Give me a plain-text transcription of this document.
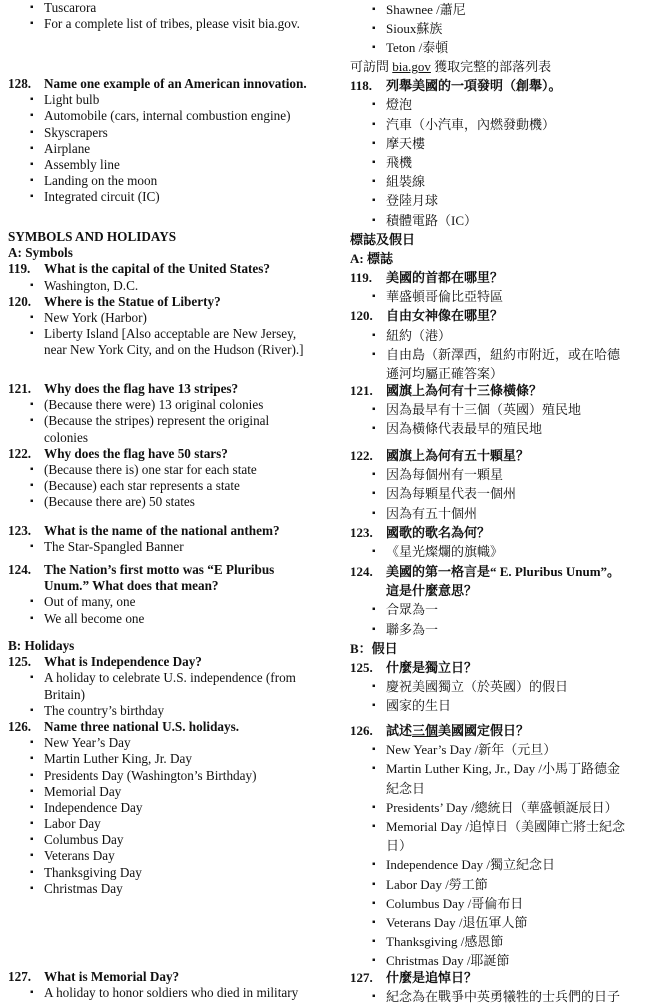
▪ Tuscarora
▪ For a complete list of tribes, please visit bia.gov.
128. Name one example of an American innovation.
▪ Light bulb
▪ Automobile (cars, internal combustion engine)
▪ Skyscrapers
▪ Airplane
▪ Assembly line
▪ Landing on the moon
▪ Integrated circuit (IC)
SYMBOLS AND HOLIDAYS
A: Symbols
119. What is the capital of the United States?
▪ Washington, D.C.
120. Where is the Statue of Liberty?
▪ New York (Harbor)
▪ Liberty Island [Also acceptable are New Jersey,
near New York City, and on the Hudson (River).]
121. Why does the flag have 13 stripes?
▪ (Because there were) 13 original colonies
▪ (Because the stripes) represent the original
colonies
122. Why does the flag have 50 stars?
▪ (Because there is) one star for each state
▪ (Because) each star represents a state
▪ (Because there are) 50 states
123. What is the name of the national anthem?
▪ The Star-Spangled Banner
124. The Nation’s first motto was “E Pluribus
Unum.” What does that mean?
▪ Out of many, one
▪ We all become one
B: Holidays
125. What is Independence Day?
▪ A holiday to celebrate U.S. independence (from
Britain)
▪ The country’s birthday
126. Name three national U.S. holidays.
▪ New Year’s Day
▪ Martin Luther King, Jr. Day
▪ Presidents Day (Washington’s Birthday)
▪ Memorial Day
▪ Independence Day
▪ Labor Day
▪ Columbus Day
▪ Veterans Day
▪ Thanksgiving Day
▪ Christmas Day
127. What is Memorial Day?
▪ A holiday to honor soldiers who died in military
▪ Shawnee /蕭尼
▪ Sioux蘇族
▪ Teton /泰頓
可訪問 bia.gov 獲取完整的部落列表
118. 列舉美國的一項發明（創舉）。
▪ 燈泡
▪ 汽車（小汽車，內燃發動機）
▪ 摩天樓
▪ 飛機
▪ 組裝線
▪ 登陸月球
▪ 積體電路（IC）
標誌及假日
A: 標誌
119. 美國的首都在哪里？
▪ 華盛頓哥倫比亞特區
120. 自由女神像在哪里？
▪ 紐約（港）
▪ 自由島（新澤西，紐約市附近，或在哈德
遜河均屬正確答案）
121. 國旗上為何有十三條橫條？
▪ 因為最早有十三個（英國）殖民地
▪ 因為橫條代表最早的殖民地
122. 國旗上為何有五十顆星？
▪ 因為每個州有一顆星
▪ 因為每顆星代表一個州
▪ 因為有五十個州
123. 國歌的歌名為何？
▪ 《星光燦爛的旗幟》
124. 美國的第一格言是“ E. Pluribus Unum”。
這是什麼意思？
▪ 合眾為一
▪ 聯多為一
B：假日
125. 什麼是獨立日？
▪ 慶祝美國獨立（於英國）的假日
▪ 國家的生日
126. 試述三個美國國定假日？
▪ New Year’s Day /新年（元旦）
▪ Martin Luther King, Jr., Day /小馬丁路德金
紀念日
▪ Presidents’ Day /總統日（華盛頓誕辰日）
▪ Memorial Day /追悼日（美國陣亡將士紀念
日）
▪ Independence Day /獨立紀念日
▪ Labor Day /勞工節
▪ Columbus Day /哥倫布日
▪ Veterans Day /退伍軍人節
▪ Thanksgiving /感恩節
▪ Christmas Day /耶誕節
127. 什麼是追悼日？
▪ 紀念為在戰爭中英勇犧牲的士兵們的日子
